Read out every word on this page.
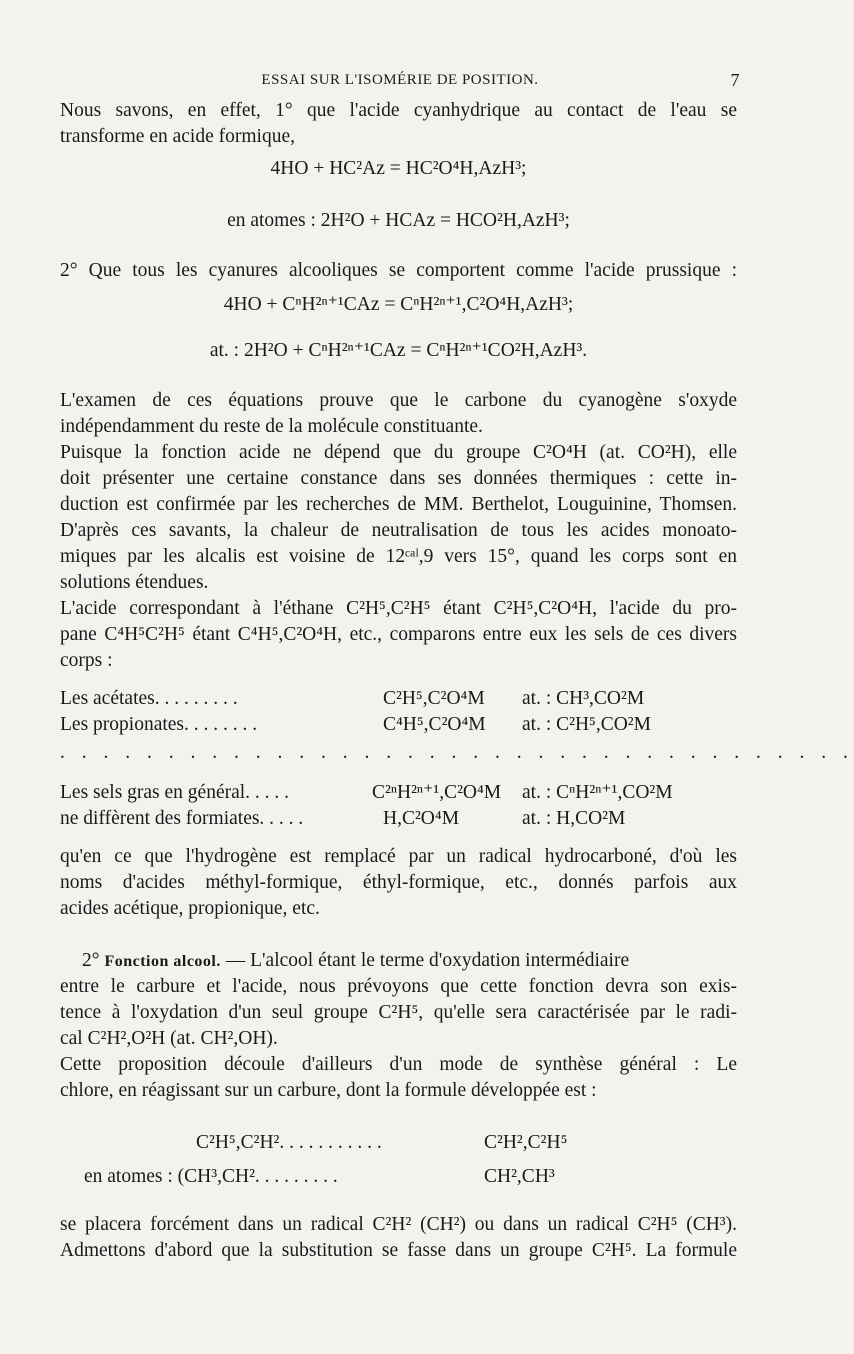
ESSAI SUR L'ISOMÉRIE DE POSITION.	7
Nous savons, en effet, 1° que l'acide cyanhydrique au contact de l'eau se
transforme en acide formique,
4HO + HC²Az = HC²O⁴H,AzH³;
en atomes : 2H²O + HCAz = HCO²H,AzH³;
2° Que tous les cyanures alcooliques se comportent comme l'acide prussique :
4HO + CⁿH²ⁿ⁺¹CAz = CⁿH²ⁿ⁺¹,C²O⁴H,AzH³;
at. : 2H²O + CⁿH²ⁿ⁺¹CAz = CⁿH²ⁿ⁺¹CO²H,AzH³.
L'examen de ces équations prouve que le carbone du cyanogène s'oxyde
indépendamment du reste de la molécule constituante.
Puisque la fonction acide ne dépend que du groupe C²O⁴H (at. CO²H), elle
doit présenter une certaine constance dans ses données thermiques : cette in-
duction est confirmée par les recherches de MM. Berthelot, Louguinine, Thomsen.
D'après ces savants, la chaleur de neutralisation de tous les acides monoato-
miques par les alcalis est voisine de 12ᶜᵃˡ,9 vers 15°, quand les corps sont en
solutions étendues.
L'acide correspondant à l'éthane C²H⁵,C²H⁵ étant C²H⁵,C²O⁴H, l'acide du pro-
pane C⁴H⁵C²H⁵ étant C⁴H⁵,C²O⁴H, etc., comparons entre eux les sels de ces divers
corps :
Les acétates. . . . . . . . .	C²H⁵,C²O⁴M at. : CH³,CO²M
Les propionates. . . . . . . .	C⁴H⁵,C²O⁴M at. : C²H⁵,CO²M
. . . . . . . . . . . . . . . . . . . . . . . . . . . . . . . . . . . . .
Les sels gras en général. . . . .	C²ⁿH²ⁿ⁺¹,C²O⁴M at. : CⁿH²ⁿ⁺¹,CO²M
ne diffèrent des formiates. . . . .	H,C²O⁴M	at. : H,CO²M
qu'en ce que l'hydrogène est remplacé par un radical hydrocarboné, d'où les
noms d'acides méthyl-formique, éthyl-formique, etc., donnés parfois aux
acides acétique, propionique, etc.
2° Fonction alcool. — L'alcool étant le terme d'oxydation intermédiaire
entre le carbure et l'acide, nous prévoyons que cette fonction devra son exis-
tence à l'oxydation d'un seul groupe C²H⁵, qu'elle sera caractérisée par le radi-
cal C²H²,O²H (at. CH²,OH).
Cette proposition découle d'ailleurs d'un mode de synthèse général : Le
chlore, en réagissant sur un carbure, dont la formule développée est :
C²H⁵,C²H². . . . . . . . . . .	C²H²,C²H⁵
en atomes : (CH³,CH². . . . . . . . .	CH²,CH³
se placera forcément dans un radical C²H² (CH²) ou dans un radical C²H⁵ (CH³).
Admettons d'abord que la substitution se fasse dans un groupe C²H⁵. La formule
